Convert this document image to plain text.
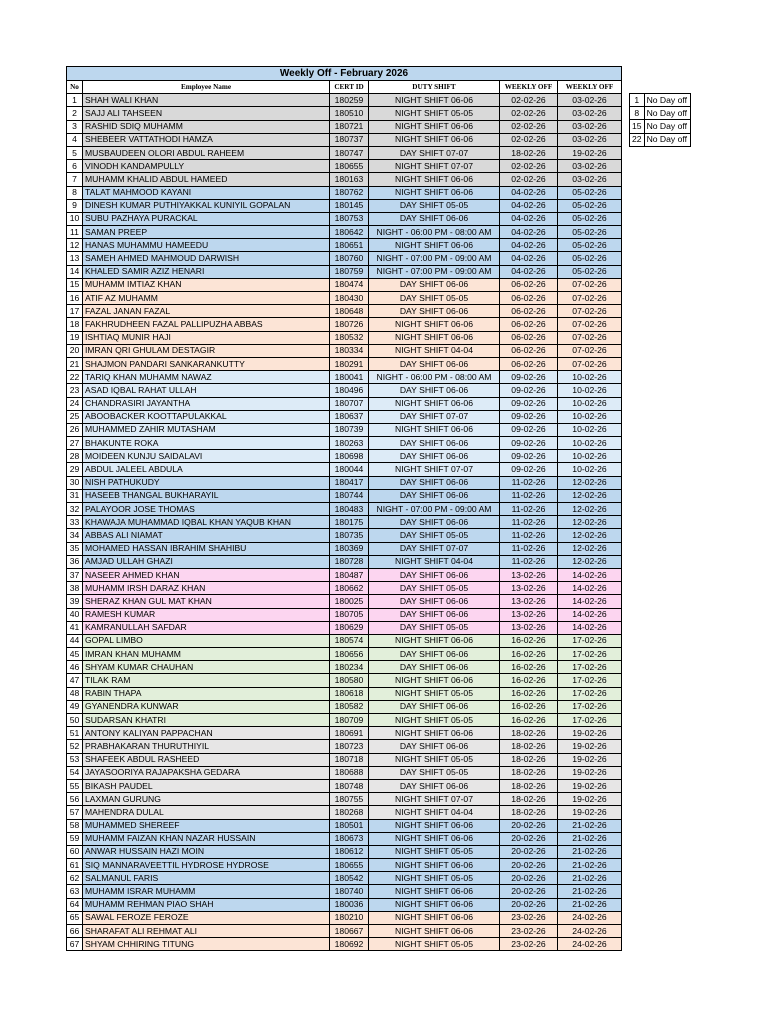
Weekly Off - February 2026					
No	Employee Name	CERT ID	DUTY SHIFT	WEEKLY OFF	WEEKLY OFF
1	SHAH WALI KHAN	180259	NIGHT SHIFT 06-06	02-02-26	03-02-26
2	SAJJ ALI TAHSEEN	180510	NIGHT SHIFT 05-05	02-02-26	03-02-26
3	RASHID SDIQ MUHAMM	180721	NIGHT SHIFT 06-06	02-02-26	03-02-26
4	SHEBEER VATTATHODI HAMZA	180737	NIGHT SHIFT 06-06	02-02-26	03-02-26
5	MUSBAUDEEN OLORI ABDUL RAHEEM	180747	DAY SHIFT 07-07	18-02-26	19-02-26
6	VINODH KANDAMPULLY	180655	NIGHT SHIFT 07-07	02-02-26	03-02-26
7	MUHAMM KHALID ABDUL HAMEED	180163	NIGHT SHIFT 06-06	02-02-26	03-02-26
8	TALAT MAHMOOD KAYANI	180762	NIGHT SHIFT 06-06	04-02-26	05-02-26
9	DINESH KUMAR PUTHIYAKKAL KUNIYIL GOPALAN	180145	DAY SHIFT 05-05	04-02-26	05-02-26
10	SUBU PAZHAYA PURACKAL	180753	DAY SHIFT 06-06	04-02-26	05-02-26
11	SAMAN PREEP	180642	NIGHT - 06:00 PM - 08:00 AM	04-02-26	05-02-26
12	HANAS MUHAMMU HAMEEDU	180651	NIGHT SHIFT 06-06	04-02-26	05-02-26
13	SAMEH AHMED MAHMOUD DARWISH	180760	NIGHT - 07:00 PM - 09:00 AM	04-02-26	05-02-26
14	KHALED SAMIR AZIZ HENARI	180759	NIGHT - 07:00 PM - 09:00 AM	04-02-26	05-02-26
15	MUHAMM IMTIAZ KHAN	180474	DAY SHIFT 06-06	06-02-26	07-02-26
16	ATIF AZ MUHAMM	180430	DAY SHIFT 05-05	06-02-26	07-02-26
17	FAZAL JANAN FAZAL	180648	DAY SHIFT 06-06	06-02-26	07-02-26
18	FAKHRUDHEEN FAZAL PALLIPUZHA ABBAS	180726	NIGHT SHIFT 06-06	06-02-26	07-02-26
19	ISHTIAQ MUNIR HAJI	180532	NIGHT SHIFT 06-06	06-02-26	07-02-26
20	IMRAN QRI GHULAM DESTAGIR	180334	NIGHT SHIFT 04-04	06-02-26	07-02-26
21	SHAJMON PANDARI SANKARANKUTTY	180291	DAY SHIFT 06-06	06-02-26	07-02-26
22	TARIQ KHAN MUHAMM NAWAZ	180041	NIGHT - 06:00 PM - 08:00 AM	09-02-26	10-02-26
23	ASAD IQBAL RAHAT ULLAH	180496	DAY SHIFT 06-06	09-02-26	10-02-26
24	CHANDRASIRI JAYANTHA	180707	NIGHT SHIFT 06-06	09-02-26	10-02-26
25	ABOOBACKER KOOTTAPULAKKAL	180637	DAY SHIFT 07-07	09-02-26	10-02-26
26	MUHAMMED ZAHIR MUTASHAM	180739	NIGHT SHIFT 06-06	09-02-26	10-02-26
27	BHAKUNTE ROKA	180263	DAY SHIFT 06-06	09-02-26	10-02-26
28	MOIDEEN KUNJU SAIDALAVI	180698	DAY SHIFT 06-06	09-02-26	10-02-26
29	ABDUL JALEEL ABDULA	180044	NIGHT SHIFT 07-07	09-02-26	10-02-26
30	NISH PATHUKUDY	180417	DAY SHIFT 06-06	11-02-26	12-02-26
31	HASEEB THANGAL BUKHARAYIL	180744	DAY SHIFT 06-06	11-02-26	12-02-26
32	PALAYOOR JOSE THOMAS	180483	NIGHT - 07:00 PM - 09:00 AM	11-02-26	12-02-26
33	KHAWAJA MUHAMMAD IQBAL KHAN YAQUB KHAN	180175	DAY SHIFT 06-06	11-02-26	12-02-26
34	ABBAS ALI NIAMAT	180735	DAY SHIFT 05-05	11-02-26	12-02-26
35	MOHAMED HASSAN IBRAHIM SHAHIBU	180369	DAY SHIFT 07-07	11-02-26	12-02-26
36	AMJAD ULLAH GHAZI	180728	NIGHT SHIFT 04-04	11-02-26	12-02-26
37	NASEER AHMED KHAN	180487	DAY SHIFT 06-06	13-02-26	14-02-26
38	MUHAMM IRSH DARAZ KHAN	180662	DAY SHIFT 05-05	13-02-26	14-02-26
39	SHERAZ KHAN GUL MAT KHAN	180025	DAY SHIFT 06-06	13-02-26	14-02-26
40	RAMESH KUMAR	180705	DAY SHIFT 06-06	13-02-26	14-02-26
41	KAMRANULLAH SAFDAR	180629	DAY SHIFT 05-05	13-02-26	14-02-26
44	GOPAL LIMBO	180574	NIGHT SHIFT 06-06	16-02-26	17-02-26
45	IMRAN KHAN MUHAMM	180656	DAY SHIFT 06-06	16-02-26	17-02-26
46	SHYAM KUMAR CHAUHAN	180234	DAY SHIFT 06-06	16-02-26	17-02-26
47	TILAK RAM	180580	NIGHT SHIFT 06-06	16-02-26	17-02-26
48	RABIN THAPA	180618	NIGHT SHIFT 05-05	16-02-26	17-02-26
49	GYANENDRA KUNWAR	180582	DAY SHIFT 06-06	16-02-26	17-02-26
50	SUDARSAN KHATRI	180709	NIGHT SHIFT 05-05	16-02-26	17-02-26
51	ANTONY KALIYAN PAPPACHAN	180691	NIGHT SHIFT 06-06	18-02-26	19-02-26
52	PRABHAKARAN THURUTHIYIL	180723	DAY SHIFT 06-06	18-02-26	19-02-26
53	SHAFEEK ABDUL RASHEED	180718	NIGHT SHIFT 05-05	18-02-26	19-02-26
54	JAYASOORIYA RAJAPAKSHA GEDARA	180688	DAY SHIFT 05-05	18-02-26	19-02-26
55	BIKASH PAUDEL	180748	DAY SHIFT 06-06	18-02-26	19-02-26
56	LAXMAN GURUNG	180755	NIGHT SHIFT 07-07	18-02-26	19-02-26
57	MAHENDRA DULAL	180268	NIGHT SHIFT 04-04	18-02-26	19-02-26
58	MUHAMMED SHEREEF	180501	NIGHT SHIFT 06-06	20-02-26	21-02-26
59	MUHAMM FAIZAN KHAN NAZAR HUSSAIN	180673	NIGHT SHIFT 06-06	20-02-26	21-02-26
60	ANWAR HUSSAIN HAZI MOIN	180612	NIGHT SHIFT 05-05	20-02-26	21-02-26
61	SIQ MANNARAVEETTIL HYDROSE HYDROSE	180655	NIGHT SHIFT 06-06	20-02-26	21-02-26
62	SALMANUL FARIS	180542	NIGHT SHIFT 05-05	20-02-26	21-02-26
63	MUHAMM ISRAR MUHAMM	180740	NIGHT SHIFT 06-06	20-02-26	21-02-26
64	MUHAMM REHMAN PIAO SHAH	180036	NIGHT SHIFT 06-06	20-02-26	21-02-26
65	SAWAL FEROZE FEROZE	180210	NIGHT SHIFT 06-06	23-02-26	24-02-26
66	SHARAFAT ALI REHMAT ALI	180667	NIGHT SHIFT 06-06	23-02-26	24-02-26
67	SHYAM CHHIRING TITUNG	180692	NIGHT SHIFT 05-05	23-02-26	24-02-26
1	No Day off
8	No Day off
15	No Day off
22	No Day off
